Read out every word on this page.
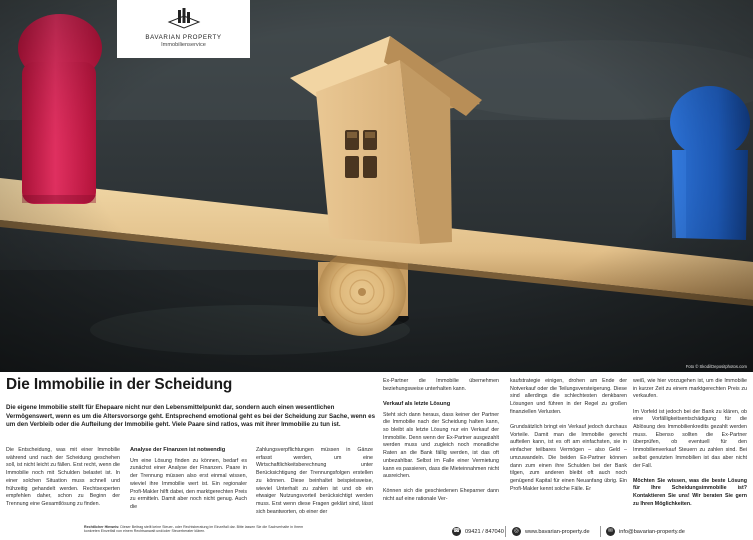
BAVARIAN PROPERTY
Immobilienservice
Foto © Skodi/Depositphotos.com
Die Immobilie in der Scheidung

Die eigene Immobilie stellt für Ehepaare nicht nur den Lebensmittelpunkt dar, sondern auch einen wesentlichen Vermögenswert, wenn es um die Altersvorsorge geht. Entsprechend emotional geht es bei der Scheidung zur Sache, wenn es um den Verbleib oder die Aufteilung der Immobilie geht. Viele Paare sind ratlos, was mit ihrer Immobilie zu tun ist.

Die Entscheidung, was mit einer Immobilie während und nach der Scheidung geschehen soll, ist nicht leicht zu fällen. Erst recht, wenn die Immobilie noch mit Schulden belastet ist. In einer solchen Situation muss schnell und frühzeitig gehandelt werden. Rechtsexperten empfehlen daher, schon zu Beginn der Trennung eine Gesamtlösung zu finden.

Analyse der Finanzen ist notwendig

Um eine Lösung finden zu können, bedarf es zunächst einer Analyse der Finanzen. Paare in der Trennung müssen also erst einmal wissen, wieviel ihre Immobilie wert ist. Ein regionaler Profi-Makler hilft dabei, den marktgerechten Preis zu ermitteln. Damit aber noch nicht genug. Auch die

Zahlungsverpflichtungen müssen in Gänze erfasst werden, um eine Wirtschaftlichkeitsberechnung unter Berücksichtigung der Trennungsfolgen erstellen zu können. Diese beinhaltet beispielsweise, wieviel Unterhalt zu zahlen ist und ob ein etwaiger Nutzungsvorteil berücksichtigt werden muss. Erst wenn diese Fragen geklärt sind, lässt sich beantworten, ob einer der

Ex-Partner die Immobilie übernehmen beziehungsweise unterhalten kann.

Verkauf als letzte Lösung

Steht sich dann heraus, dass keiner der Partner die Immobilie nach der Scheidung halten kann, so bleibt als letzte Lösung nur ein Verkauf der Immobilie. Denn wenn der Ex-Partner ausgezahlt werden muss und zugleich noch monatliche Raten an die Bank fällig werden, ist das oft unbezahlbar. Selbst im Falle einer Vermietung kann es passieren, dass die Mieteinnahmen nicht ausreichen.

Können sich die geschiedenen Eheparner dann nicht auf eine rationale Ver-

kaufstrategie einigen, drohen am Ende der Notverkauf oder die Teilungsversteigerung. Diese sind allerdings die schlechtesten denkbaren Lösungen und führen in der Regel zu großen finanziellen Verlusten.

Grundsätzlich bringt ein Verkauf jedoch durchaus Vorteile. Damit man die Immobilie gerecht aufteilen kann, ist es oft am einfachsten, sie in einfacher teilbares Vermögen – also Geld – umzuwandeln. Die beiden Ex-Partner können dann zum einen ihre Schulden bei der Bank tilgen, zum anderen bleibt oft auch noch genügend Kapital für einen Neuanfang übrig. Ein Profi-Makler kennt solche Fälle. Er

weiß, wie hier vorzugehen ist, um die Immobilie in kurzer Zeit zu einem marktgerechten Preis zu verkaufen.

Im Vorfeld ist jedoch bei der Bank zu klären, ob eine Vorfälligkeitsentschädigung für die Ablösung des Immobilienkredits gezahlt werden muss. Ebenso sollten die Ex-Partner überprüfen, ob eventuell für den Immobilienverkauf Steuern zu zahlen sind. Bei selbst genutzten Immobilien ist das aber nicht der Fall.

Möchten Sie wissen, was die beste Lösung für Ihre Scheidungsimmobilie ist? Kontaktieren Sie uns! Wir beraten Sie gern zu Ihren Möglichkeiten.

Rechtlicher Hinweis: Dieser Beitrag stellt keine Steuer- oder Rechtsberatung im Einzelfall dar. Bitte lassen Sie die Sachverhalte in Ihrem konkreten Einzelfall von einem Rechtsanwalt und/oder Steuerberater klären. ☎	09421 / 847040 ◎	www.bavarian-property.de ✉	info@bavarian-property.de
